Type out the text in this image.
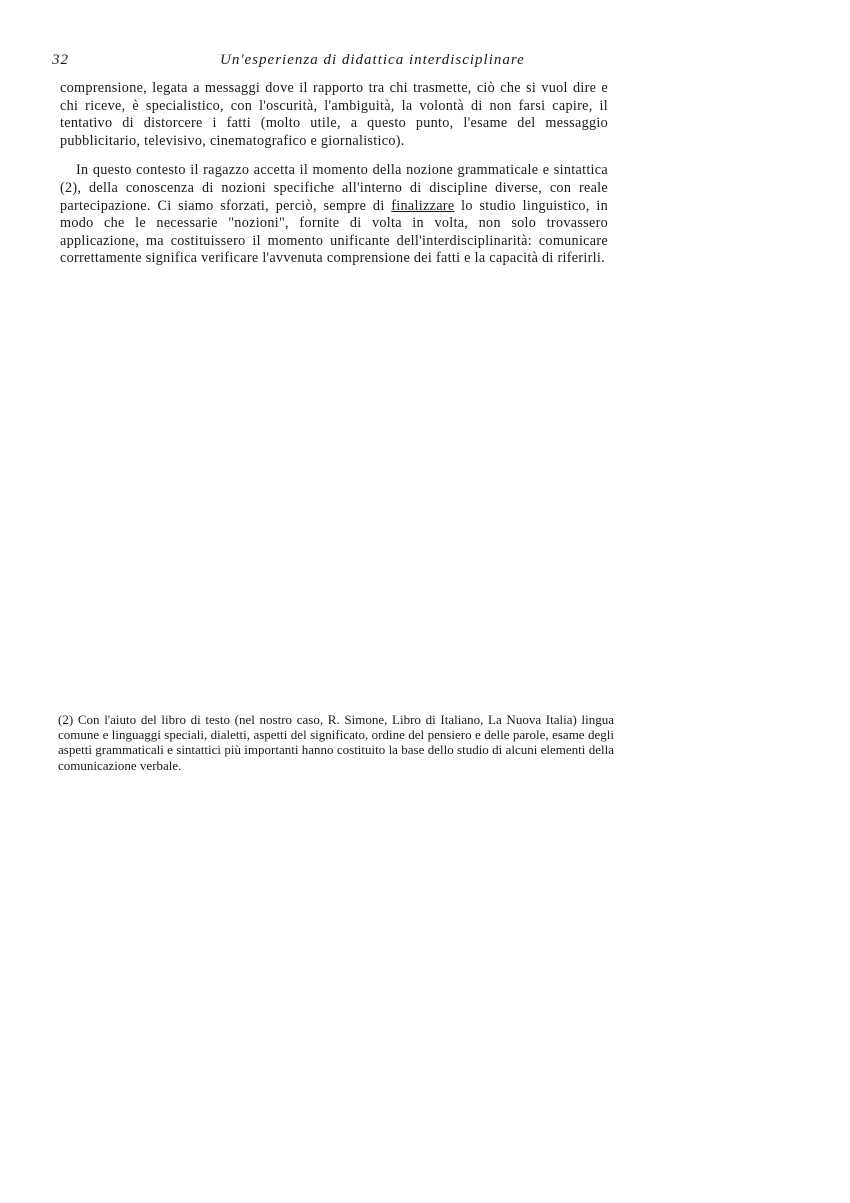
32	Un'esperienza di didattica interdisciplinare

comprensione, legata a messaggi dove il rapporto tra chi trasmette, ciò che si vuol dire e chi riceve, è specialistico, con l'oscurità, l'ambiguità, la volontà di non farsi capire, il tentativo di distorcere i fatti (molto utile, a questo punto, l'esame del messaggio pubblicitario, televisivo, cinematografico e giornalistico).

In questo contesto il ragazzo accetta il momento della nozione grammaticale e sintattica (2), della conoscenza di nozioni specifiche all'interno di discipline diverse, con reale partecipazione. Ci siamo sforzati, perciò, sempre di finalizzare lo studio linguistico, in modo che le necessarie "nozioni", fornite di volta in volta, non solo trovassero applicazione, ma costituissero il momento unificante dell'interdisciplinarità: comunicare correttamente significa verificare l'avvenuta comprensione dei fatti e la capacità di riferirli.

(2) Con l'aiuto del libro di testo (nel nostro caso, R. Simone, Libro di Italiano, La Nuova Italia) lingua comune e linguaggi speciali, dialetti, aspetti del significato, ordine del pensiero e delle parole, esame degli aspetti grammaticali e sintattici più importanti hanno costituito la base dello studio di alcuni elementi della comunicazione verbale.
